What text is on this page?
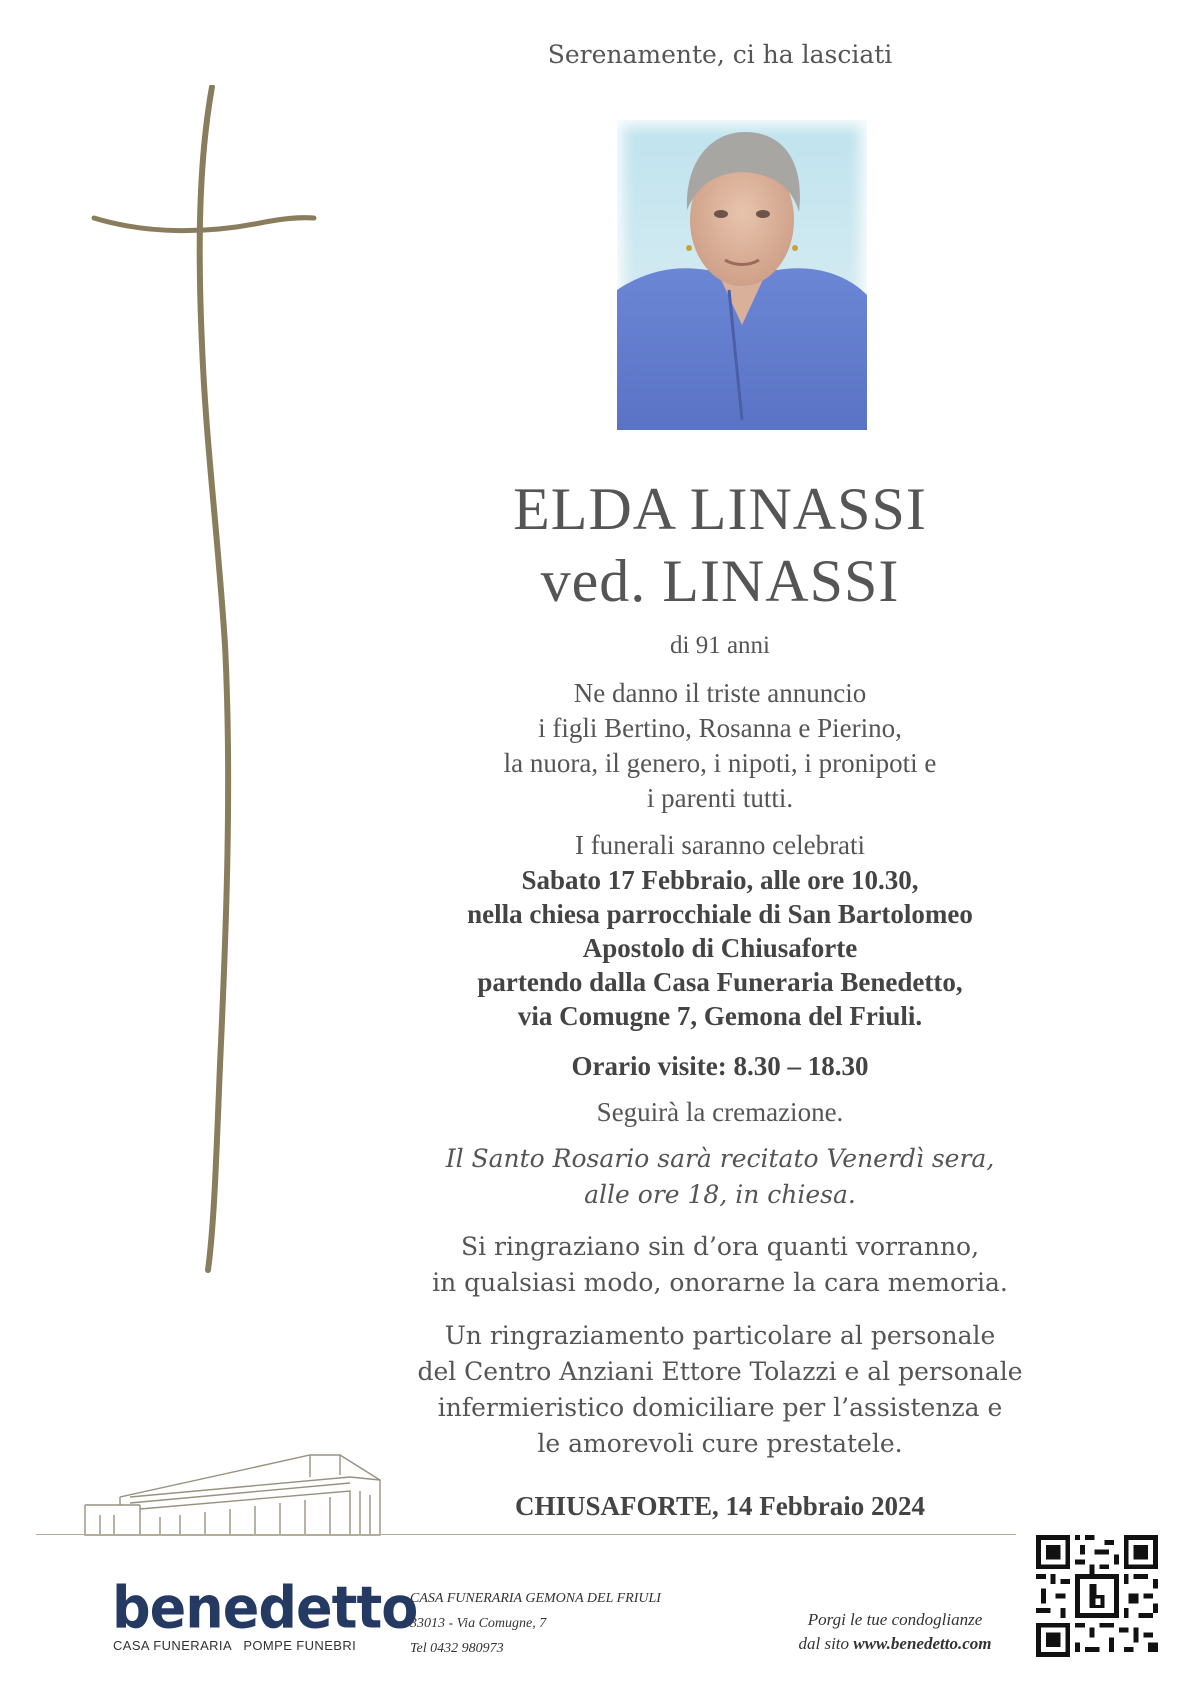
Serenamente, ci ha lasciati
ELDA LINASSI
ved. LINASSI
di 91 anni
Ne danno il triste annuncio
i figli Bertino, Rosanna e Pierino,
la nuora, il genero, i nipoti, i pronipoti e
i parenti tutti.
I funerali saranno celebrati
Sabato 17 Febbraio, alle ore 10.30,
nella chiesa parrocchiale di San Bartolomeo
Apostolo di Chiusaforte
partendo dalla Casa Funeraria Benedetto,
via Comugne 7, Gemona del Friuli.
Orario visite: 8.30 – 18.30
Seguirà la cremazione.
Il Santo Rosario sarà recitato Venerdì sera,
alle ore 18, in chiesa.
Si ringraziano sin d’ora quanti vorranno,
in qualsiasi modo, onorarne la cara memoria.
Un ringraziamento particolare al personale
del Centro Anziani Ettore Tolazzi e al personale
infermieristico domiciliare per l’assistenza e
le amorevoli cure prestatele.
CHIUSAFORTE, 14 Febbraio 2024
benedetto
CASA FUNERARIA   POMPE FUNEBRI
CASA FUNERARIA GEMONA DEL FRIULI
33013 - Via Comugne, 7
Tel 0432 980973
Porgi le tue condoglianze
dal sito www.benedetto.com
